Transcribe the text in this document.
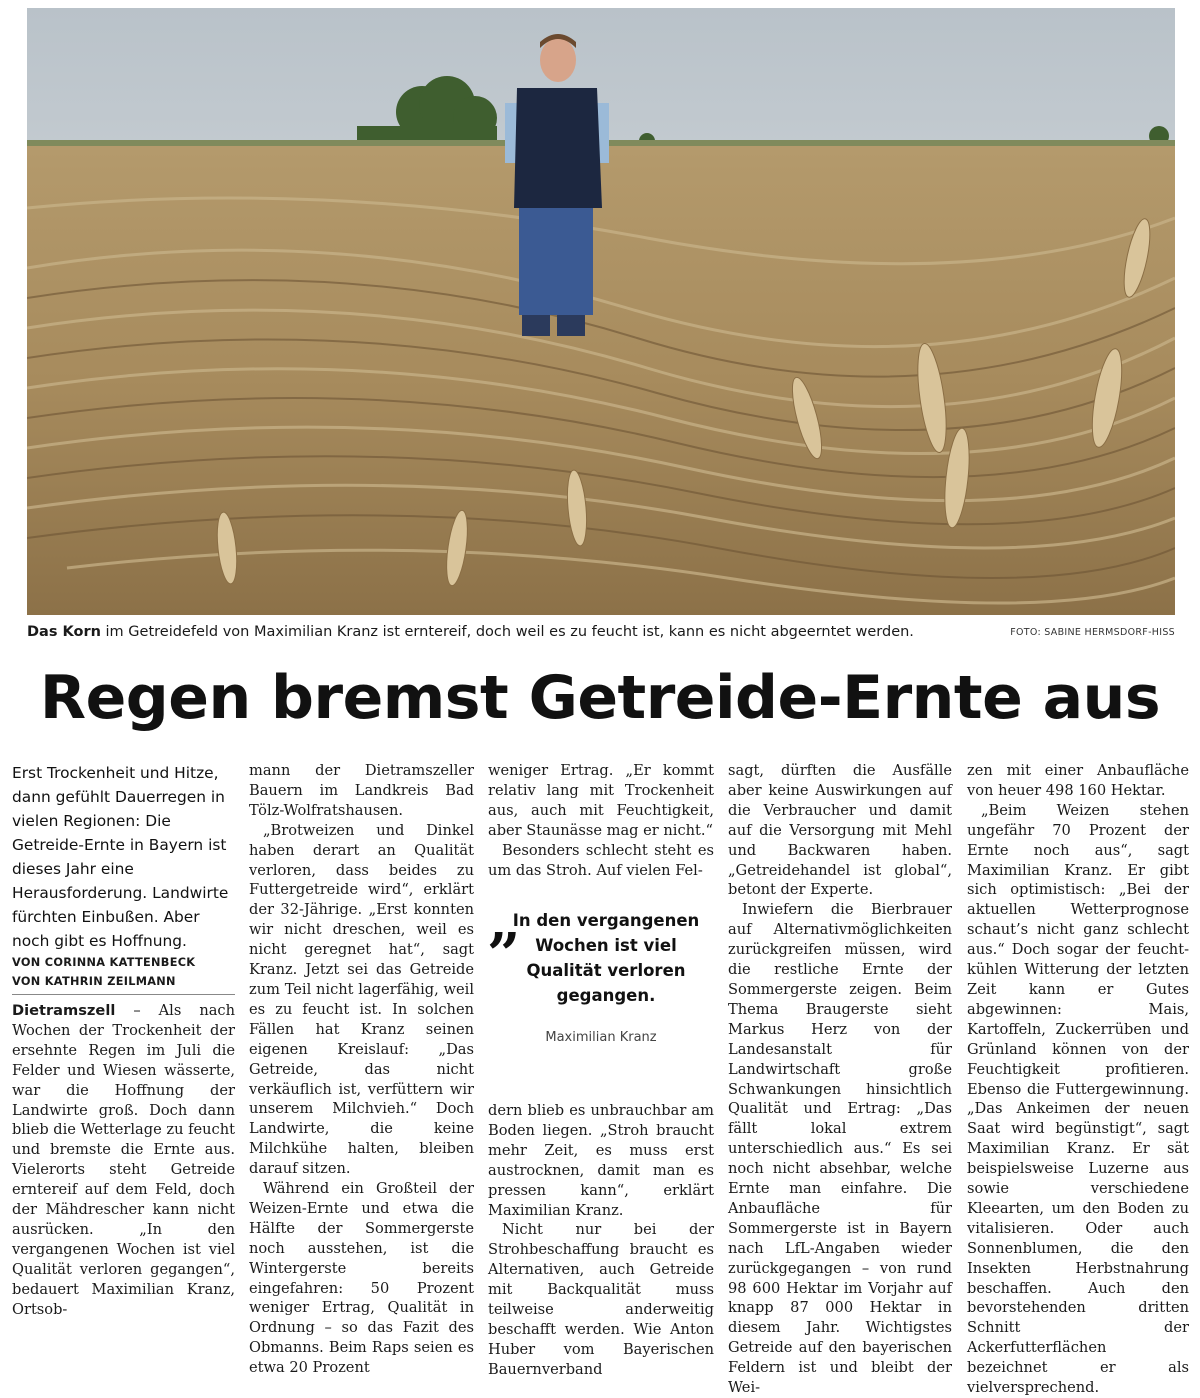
Das Korn im Getreidefeld von Maximilian Kranz ist erntereif, doch weil es zu feucht ist, kann es nicht abgeerntet werden.	FOTO: SABINE HERMSDORF-HISS
Regen bremst Getreide-Ernte aus

Erst Trockenheit und Hitze, dann gefühlt Dauerregen in vielen Regionen: Die Getreide-Ernte in Bayern ist dieses Jahr eine Herausforderung. Landwirte fürchten Einbußen. Aber noch gibt es Hoffnung.

VON CORINNA KATTENBECK
VON KATHRIN ZEILMANN

Dietramszell – Als nach Wochen der Trockenheit der ersehnte Regen im Juli die Felder und Wiesen wässerte, war die Hoffnung der Landwirte groß. Doch dann blieb die Wetterlage zu feucht und bremste die Ernte aus. Vielerorts steht Getreide erntereif auf dem Feld, doch der Mähdrescher kann nicht ausrücken. „In den vergangenen Wochen ist viel Qualität verloren gegangen“, bedauert Maximilian Kranz, Ortsob-

mann der Dietramszeller Bauern im Landkreis Bad Tölz-Wolfratshausen.

„Brotweizen und Dinkel haben derart an Qualität verloren, dass beides zu Futtergetreide wird“, erklärt der 32-Jährige. „Erst konnten wir nicht dreschen, weil es nicht geregnet hat“, sagt Kranz. Jetzt sei das Getreide zum Teil nicht lagerfähig, weil es zu feucht ist. In solchen Fällen hat Kranz seinen eigenen Kreislauf: „Das Getreide, das nicht verkäuflich ist, verfüttern wir unserem Milchvieh.“ Doch Landwirte, die keine Milchkühe halten, bleiben darauf sitzen.

Während ein Großteil der Weizen-Ernte und etwa die Hälfte der Sommergerste noch ausstehen, ist die Wintergerste bereits eingefahren: 50 Prozent weniger Ertrag, Qualität in Ordnung – so das Fazit des Obmanns. Beim Raps seien es etwa 20 Prozent

weniger Ertrag. „Er kommt relativ lang mit Trockenheit aus, auch mit Feuchtigkeit, aber Staunässe mag er nicht.“

Besonders schlecht steht es um das Stroh. Auf vielen Fel-

„
In den vergangenen Wochen ist viel Qualität verloren gegangen.
Maximilian Kranz

dern blieb es unbrauchbar am Boden liegen. „Stroh braucht mehr Zeit, es muss erst austrocknen, damit man es pressen kann“, erklärt Maximilian Kranz.

Nicht nur bei der Strohbeschaffung braucht es Alternativen, auch Getreide mit Backqualität muss teilweise anderweitig beschafft werden. Wie Anton Huber vom Bayerischen Bauernverband

sagt, dürften die Ausfälle aber keine Auswirkungen auf die Verbraucher und damit auf die Versorgung mit Mehl und Backwaren haben. „Getreidehandel ist global“, betont der Experte.

Inwiefern die Bierbrauer auf Alternativmöglichkeiten zurückgreifen müssen, wird die restliche Ernte der Sommergerste zeigen. Beim Thema Braugerste sieht Markus Herz von der Landesanstalt für Landwirtschaft große Schwankungen hinsichtlich Qualität und Ertrag: „Das fällt lokal extrem unterschiedlich aus.“ Es sei noch nicht absehbar, welche Ernte man einfahre. Die Anbaufläche für Sommergerste ist in Bayern nach LfL-Angaben wieder zurückgegangen – von rund 98 600 Hektar im Vorjahr auf knapp 87 000 Hektar in diesem Jahr. Wichtigstes Getreide auf den bayerischen Feldern ist und bleibt der Wei-

zen mit einer Anbaufläche von heuer 498 160 Hektar.

„Beim Weizen stehen ungefähr 70 Prozent der Ernte noch aus“, sagt Maximilian Kranz. Er gibt sich optimistisch: „Bei der aktuellen Wetterprognose schaut’s nicht ganz schlecht aus.“ Doch sogar der feucht-kühlen Witterung der letzten Zeit kann er Gutes abgewinnen: Mais, Kartoffeln, Zuckerrüben und Grünland können von der Feuchtigkeit profitieren. Ebenso die Futtergewinnung. „Das Ankeimen der neuen Saat wird begünstigt“, sagt Maximilian Kranz. Er sät beispielsweise Luzerne aus sowie verschiedene Kleearten, um den Boden zu vitalisieren. Oder auch Sonnenblumen, die den Insekten Herbstnahrung beschaffen. Auch den bevorstehenden dritten Schnitt der Ackerfutterflächen bezeichnet er als vielversprechend.
